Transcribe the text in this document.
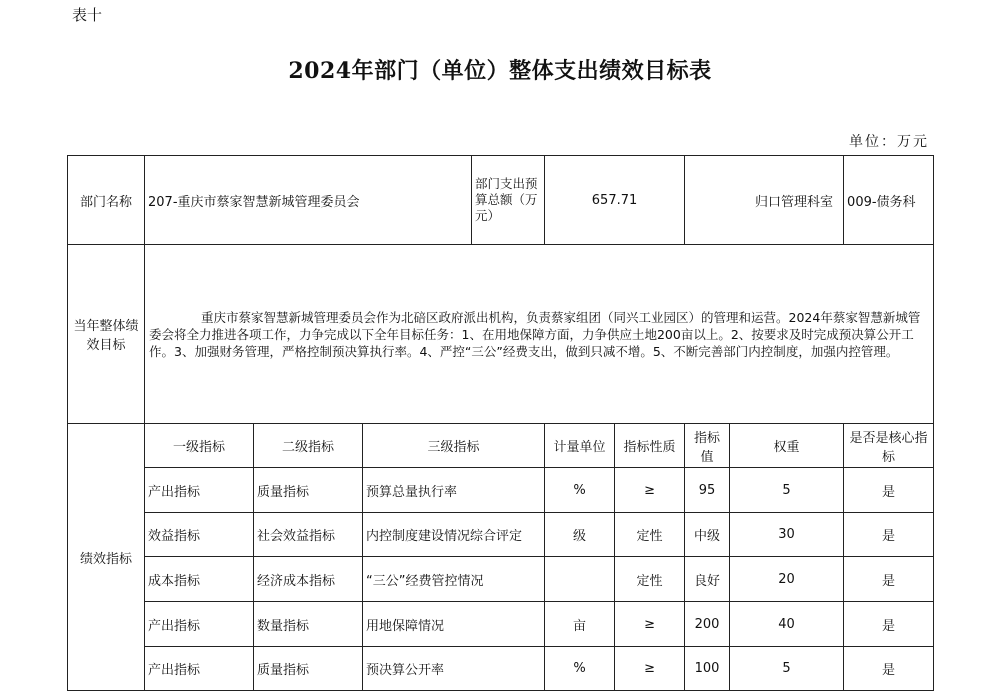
表十
2024年部门（单位）整体支出绩效目标表
单位：万元
部门名称	207-重庆市蔡家智慧新城管理委员会			部门支出预算总额（万元）	657.71		归口管理科室		009-债务科
当年整体绩效目标	重庆市蔡家智慧新城管理委员会作为北碚区政府派出机构，负责蔡家组团（同兴工业园区）的管理和运营。2024年蔡家智慧新城管委会将全力推进各项工作，力争完成以下全年目标任务：1、在用地保障方面，力争供应土地200亩以上。2、按要求及时完成预决算公开工作。3、加强财务管理，严格控制预决算执行率。4、严控“三公”经费支出，做到只减不增。5、不断完善部门内控制度，加强内控管理。								

绩效指标	一级指标	二级指标	三级指标		计量单位	指标性质	指标值	权重	是否是核心指标
	产出指标	质量指标	预算总量执行率		%	≥	95	5	是
	效益指标	社会效益指标	内控制度建设情况综合评定		级	定性	中级	30	是
	成本指标	经济成本指标	“三公”经费管控情况			定性	良好	20	是
	产出指标	数量指标	用地保障情况		亩	≥	200	40	是
	产出指标	质量指标	预决算公开率		%	≥	100	5	是
